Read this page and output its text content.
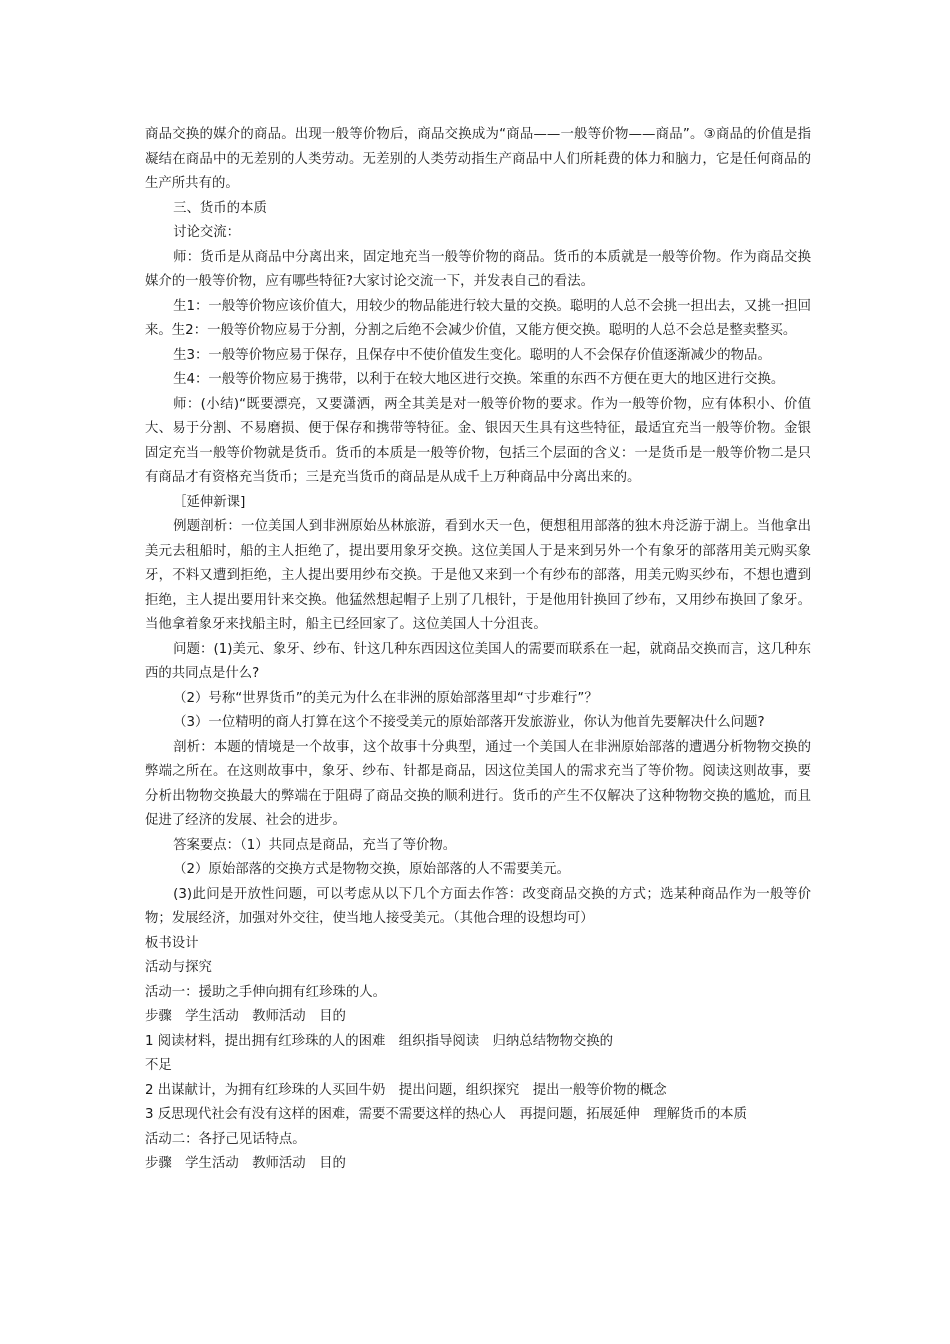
商品交换的媒介的商品。出现一般等价物后，商品交换成为“商品——一般等价物——商品”。③商品的价值是指凝结在商品中的无差别的人类劳动。无差别的人类劳动指生产商品中人们所耗费的体力和脑力，它是任何商品的生产所共有的。

三、货币的本质

讨论交流：

师：货币是从商品中分离出来，固定地充当一般等价物的商品。货币的本质就是一般等价物。作为商品交换媒介的一般等价物，应有哪些特征?大家讨论交流一下，并发表自己的看法。

生1：一般等价物应该价值大，用较少的物品能进行较大量的交换。聪明的人总不会挑一担出去，又挑一担回来。生2：一般等价物应易于分割，分割之后绝不会减少价值，又能方便交换。聪明的人总不会总是整卖整买。

生3：一般等价物应易于保存，且保存中不使价值发生变化。聪明的人不会保存价值逐渐减少的物品。

生4：一般等价物应易于携带，以利于在较大地区进行交换。笨重的东西不方便在更大的地区进行交换。

师：(小结)“既要漂亮，又要潇洒，两全其美是对一般等价物的要求。作为一般等价物，应有体积小、价值大、易于分割、不易磨损、便于保存和携带等特征。金、银因天生具有这些特征，最适宜充当一般等价物。金银固定充当一般等价物就是货币。货币的本质是一般等价物，包括三个层面的含义：一是货币是一般等价物二是只有商品才有资格充当货币；三是充当货币的商品是从成千上万种商品中分离出来的。

［延伸新课]

例题剖析：一位美国人到非洲原始丛林旅游，看到水天一色，便想租用部落的独木舟泛游于湖上。当他拿出美元去租船时，船的主人拒绝了，提出要用象牙交换。这位美国人于是来到另外一个有象牙的部落用美元购买象牙，不料又遭到拒绝，主人提出要用纱布交换。于是他又来到一个有纱布的部落，用美元购买纱布，不想也遭到拒绝，主人提出要用针来交换。他猛然想起帽子上别了几根针，于是他用针换回了纱布，又用纱布换回了象牙。当他拿着象牙来找船主时，船主已经回家了。这位美国人十分沮丧。

问题：(1)美元、象牙、纱布、针这几种东西因这位美国人的需要而联系在一起，就商品交换而言，这几种东西的共同点是什么?

（2）号称“世界货币”的美元为什么在非洲的原始部落里却“寸步难行”？

（3）一位精明的商人打算在这个不接受美元的原始部落开发旅游业，你认为他首先要解决什么问题?

剖析：本题的情境是一个故事，这个故事十分典型，通过一个美国人在非洲原始部落的遭遇分析物物交换的弊端之所在。在这则故事中，象牙、纱布、针都是商品，因这位美国人的需求充当了等价物。阅读这则故事，要分析出物物交换最大的弊端在于阻碍了商品交换的顺利进行。货币的产生不仅解决了这种物物交换的尴尬，而且促进了经济的发展、社会的进步。

答案要点：（1）共同点是商品，充当了等价物。

（2）原始部落的交换方式是物物交换，原始部落的人不需要美元。

(3)此问是开放性问题，可以考虑从以下几个方面去作答：改变商品交换的方式；选某种商品作为一般等价物；发展经济，加强对外交往，使当地人接受美元。（其他合理的设想均可）

板书设计

活动与探究

活动一：援助之手伸向拥有红珍珠的人。

步骤　学生活动　教师活动　目的

1 阅读材料，提出拥有红珍珠的人的困难　组织指导阅读　归纳总结物物交换的

不足

2 出谋献计，为拥有红珍珠的人买回牛奶　提出问题，组织探究　提出一般等价物的概念

3 反思现代社会有没有这样的困难，需要不需要这样的热心人　再提问题，拓展延伸　理解货币的本质

活动二：各抒己见话特点。

步骤　学生活动　教师活动　目的
